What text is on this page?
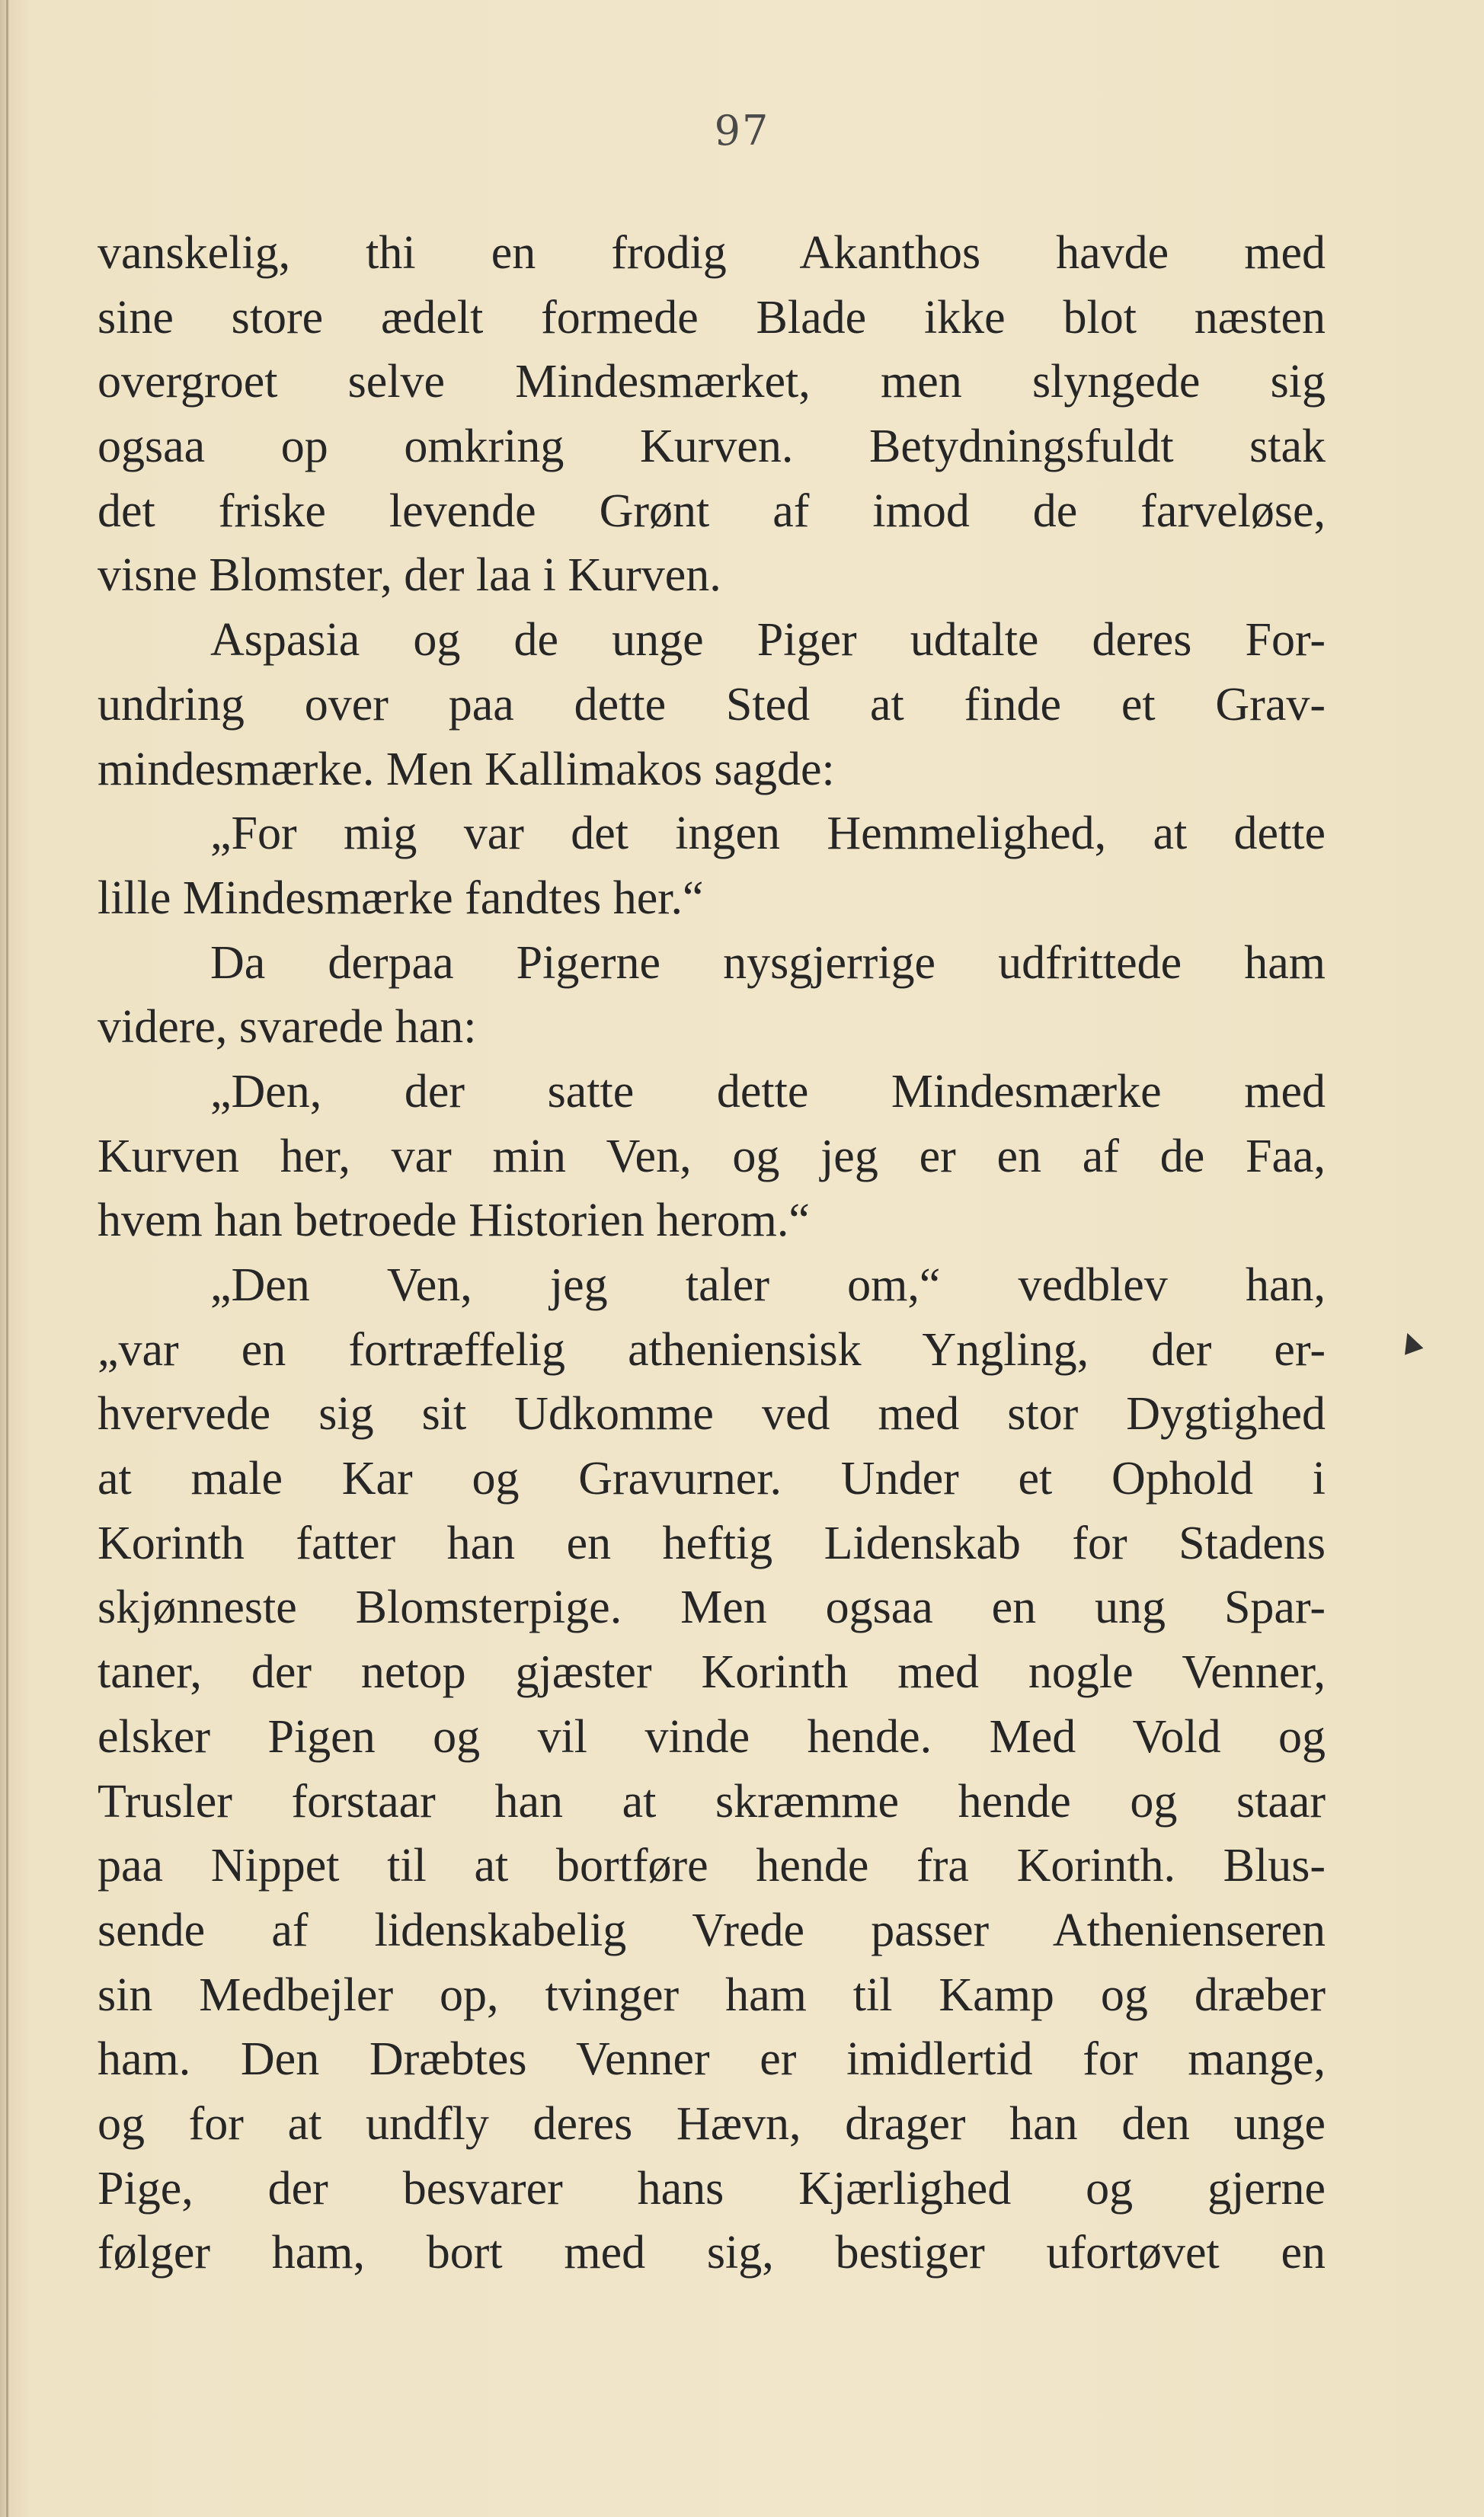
97
vanskelig, thi en frodig Akanthos havde med
sine store ædelt formede Blade ikke blot næsten
overgroet selve Mindesmærket, men slyngede sig
ogsaa op omkring Kurven. Betydningsfuldt stak
det friske levende Grønt af imod de farveløse,
visne Blomster, der laa i Kurven.
Aspasia og de unge Piger udtalte deres For-
undring over paa dette Sted at finde et Grav-
mindesmærke. Men Kallimakos sagde:
„For mig var det ingen Hemmelighed, at dette
lille Mindesmærke fandtes her.“
Da derpaa Pigerne nysgjerrige udfrittede ham
videre, svarede han:
„Den, der satte dette Mindesmærke med
Kurven her, var min Ven, og jeg er en af de Faa,
hvem han betroede Historien herom.“
„Den Ven, jeg taler om,“ vedblev han,
„var en fortræffelig atheniensisk Yngling, der er-
hvervede sig sit Udkomme ved med stor Dygtighed
at male Kar og Gravurner. Under et Ophold i
Korinth fatter han en heftig Lidenskab for Stadens
skjønneste Blomsterpige. Men ogsaa en ung Spar-
taner, der netop gjæster Korinth med nogle Venner,
elsker Pigen og vil vinde hende. Med Vold og
Trusler forstaar han at skræmme hende og staar
paa Nippet til at bortføre hende fra Korinth. Blus-
sende af lidenskabelig Vrede passer Athenienseren
sin Medbejler op, tvinger ham til Kamp og dræber
ham. Den Dræbtes Venner er imidlertid for mange,
og for at undfly deres Hævn, drager han den unge
Pige, der besvarer hans Kjærlighed og gjerne
følger ham, bort med sig, bestiger ufortøvet en
▲
